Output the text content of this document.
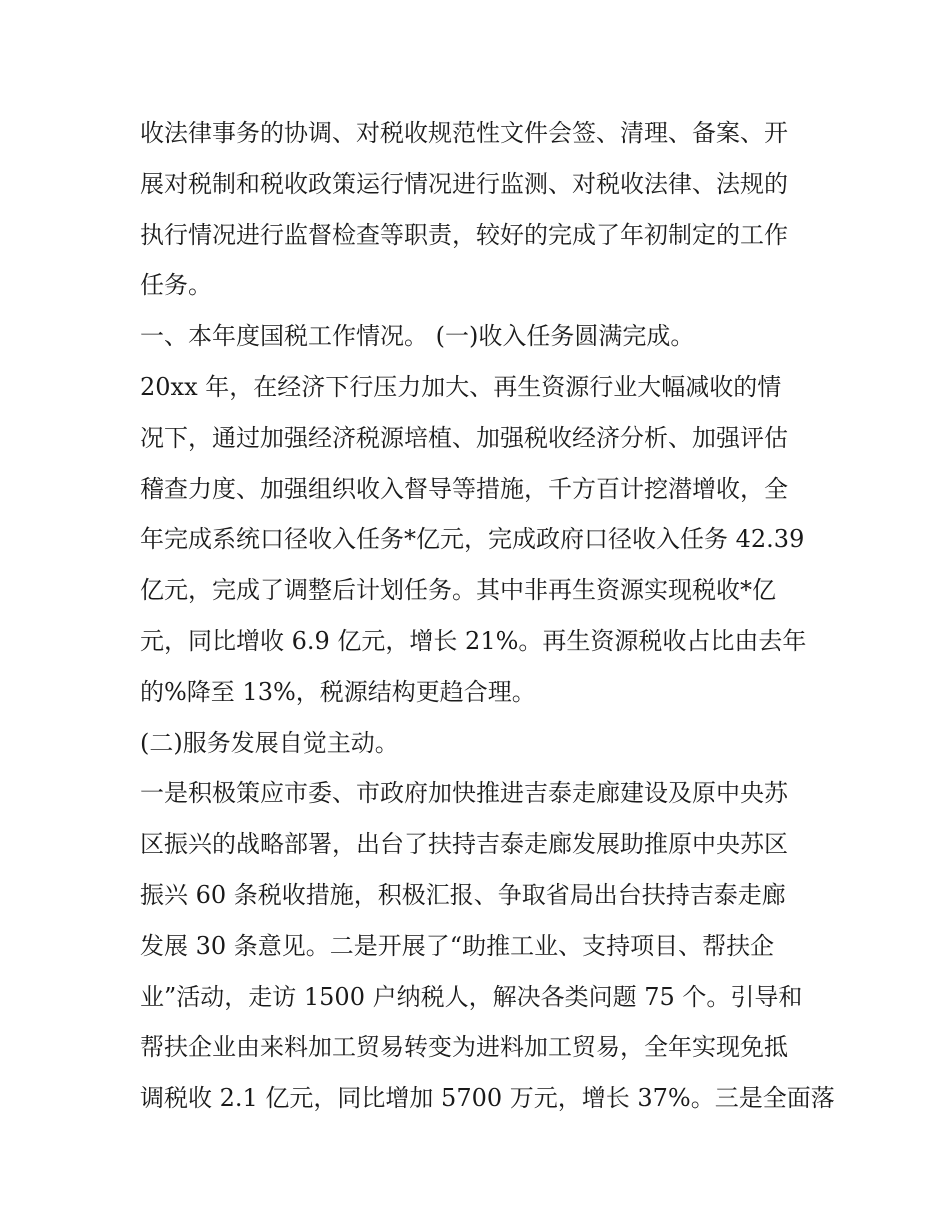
收法律事务的协调、对税收规范性文件会签、清理、备案、开
展对税制和税收政策运行情况进行监测、对税收法律、法规的
执行情况进行监督检查等职责，较好的完成了年初制定的工作
任务。
一、本年度国税工作情况。 (一)收入任务圆满完成。
20xx 年，在经济下行压力加大、再生资源行业大幅减收的情
况下，通过加强经济税源培植、加强税收经济分析、加强评估
稽查力度、加强组织收入督导等措施，千方百计挖潜增收，全
年完成系统口径收入任务*亿元，完成政府口径收入任务 42.39
亿元，完成了调整后计划任务。其中非再生资源实现税收*亿
元，同比增收 6.9 亿元，增长 21%。再生资源税收占比由去年
的%降至 13%，税源结构更趋合理。
(二)服务发展自觉主动。
一是积极策应市委、市政府加快推进吉泰走廊建设及原中央苏
区振兴的战略部署，出台了扶持吉泰走廊发展助推原中央苏区
振兴 60 条税收措施，积极汇报、争取省局出台扶持吉泰走廊
发展 30 条意见。二是开展了“助推工业、支持项目、帮扶企
业”活动，走访 1500 户纳税人，解决各类问题 75 个。引导和
帮扶企业由来料加工贸易转变为进料加工贸易，全年实现免抵
调税收 2.1 亿元，同比增加 5700 万元，增长 37%。三是全面落
